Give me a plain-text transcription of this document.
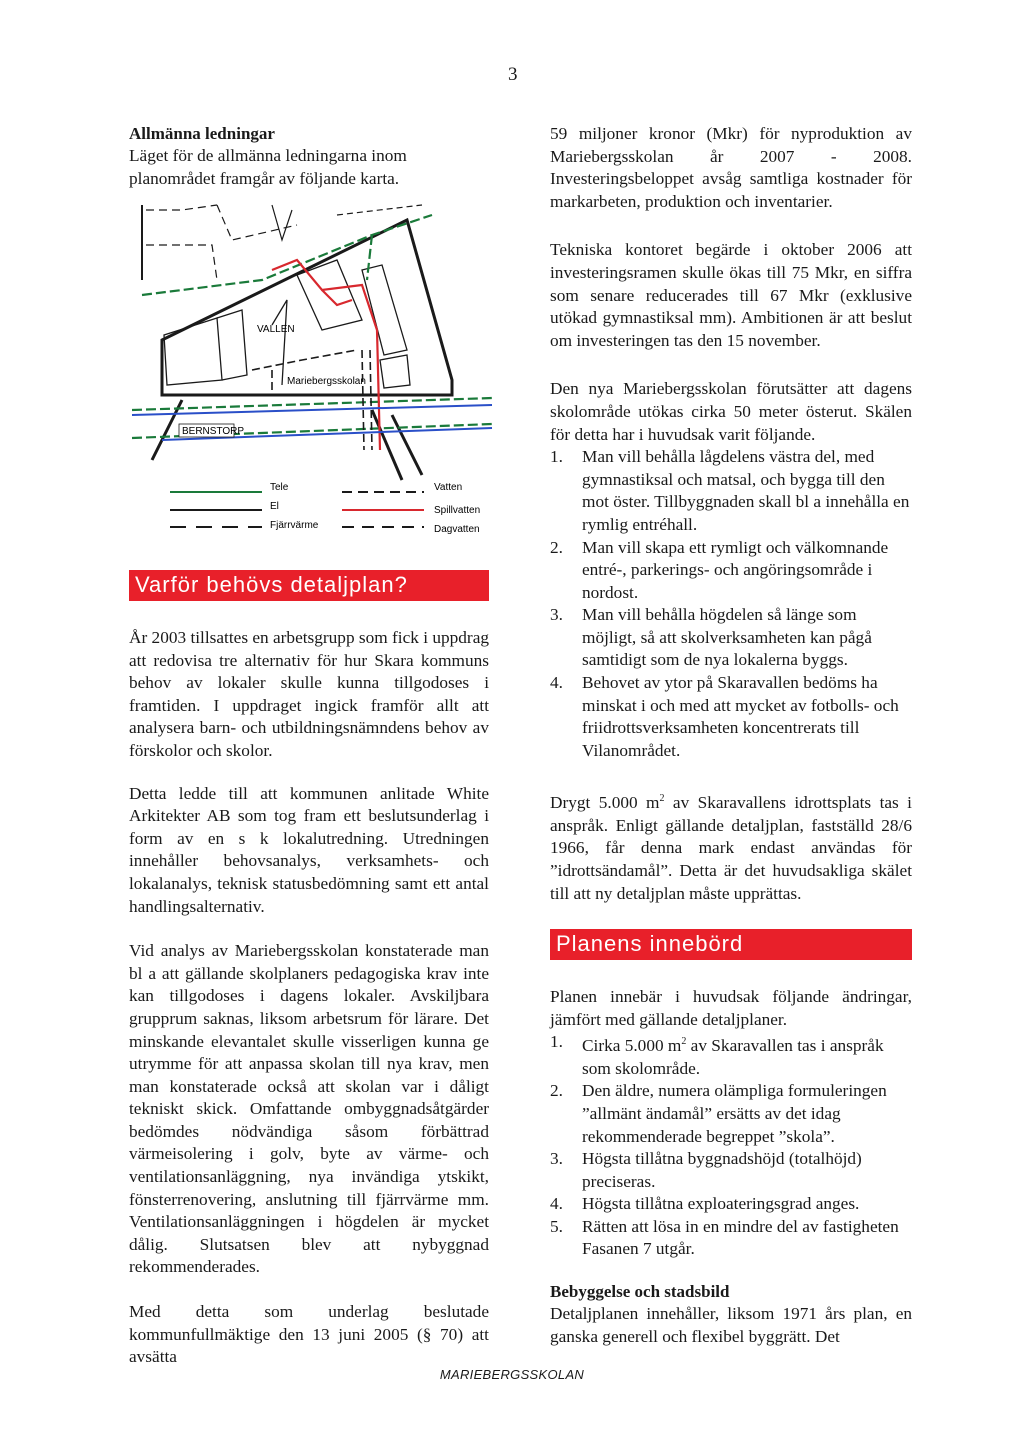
3
Allmänna ledningar

Läget för de allmänna ledningarna inom planområdet framgår av följande karta.

BERNSTORP
VALLEN
Mariebergsskolan
Tele
El
Fjärrvärme
Vatten
Spillvatten
Dagvatten
Varför behövs detaljplan?

År 2003 tillsattes en arbetsgrupp som fick i uppdrag att redovisa tre alternativ för hur Skara kommuns behov av lokaler skulle kunna tillgodoses i framtiden. I uppdraget ingick framför allt att analysera barn- och utbildningsnämndens behov av förskolor och skolor.

Detta ledde till att kommunen anlitade White Arkitekter AB som tog fram ett beslutsunderlag i form av en s k lokalutredning. Utredningen innehåller behovsanalys, verksamhets- och lokalanalys, teknisk statusbedömning samt ett antal handlingsalternativ.

Vid analys av Mariebergsskolan konstaterade man bl a att gällande skolplaners pedagogiska krav inte kan tillgodoses i dagens lokaler. Avskiljbara grupprum saknas, liksom arbetsrum för lärare. Det minskande elevantalet skulle visserligen kunna ge utrymme för att anpassa skolan till nya krav, men man konstaterade också att skolan var i dåligt tekniskt skick. Omfattande ombyggnadsåtgärder bedömdes nödvändiga såsom förbättrad värmeisolering i golv, byte av värme- och ventilationsanläggning, nya invändiga ytskikt, fönsterrenovering, anslutning till fjärrvärme mm. Ventilationsanläggningen i högdelen är mycket dålig. Slutsatsen blev att nybyggnad rekommenderades.

Med detta som underlag beslutade kommunfullmäktige den 13 juni 2005 (§ 70) att avsätta

59 miljoner kronor (Mkr) för nyproduktion av Mariebergsskolan år 2007 - 2008. Investeringsbeloppet avsåg samtliga kostnader för markarbeten, produktion och inventarier.

Tekniska kontoret begärde i oktober 2006 att investeringsramen skulle ökas till 75 Mkr, en siffra som senare reducerades till 67 Mkr (exklusive utökad gymnastiksal mm). Ambitionen är att beslut om investeringen tas den 15 november.

Den nya Mariebergsskolan förutsätter att dagens skolområde utökas cirka 50 meter österut. Skälen för detta har i huvudsak varit följande.

1. Man vill behålla lågdelens västra del, med gymnastiksal och matsal, och bygga till den mot öster. Tillbyggnaden skall bl a innehålla en rymlig entréhall.
2. Man vill skapa ett rymligt och välkomnande entré-, parkerings- och angöringsområde i nordost.
3. Man vill behålla högdelen så länge som möjligt, så att skolverksamheten kan pågå samtidigt som de nya lokalerna byggs.
4. Behovet av ytor på Skaravallen bedöms ha minskat i och med att mycket av fotbolls- och friidrottsverksamheten koncentrerats till Vilanområdet.

Drygt 5.000 $m^2$ av Skaravallens idrottsplats tas i anspråk. Enligt gällande detaljplan, fastställd 28/6 1966, får denna mark endast användas för ”idrottsändamål”. Detta är det huvudsakliga skälet till att ny detaljplan måste upprättas.

Planens innebörd

Planen innebär i huvudsak följande ändringar, jämfört med gällande detaljplaner.

1. Cirka 5.000 $m^2$ av Skaravallen tas i anspråk som skolområde.
2. Den äldre, numera olämpliga formuleringen ”allmänt ändamål” ersätts av det idag rekommenderade begreppet ”skola”.
3. Högsta tillåtna byggnadshöjd (totalhöjd) preciseras.
4. Högsta tillåtna exploateringsgrad anges.
5. Rätten att lösa in en mindre del av fastigheten Fasanen 7 utgår.
Bebyggelse och stadsbild

Detaljplanen innehåller, liksom 1971 års plan, en ganska generell och flexibel byggrätt. Det

MARIEBERGSSKOLAN
